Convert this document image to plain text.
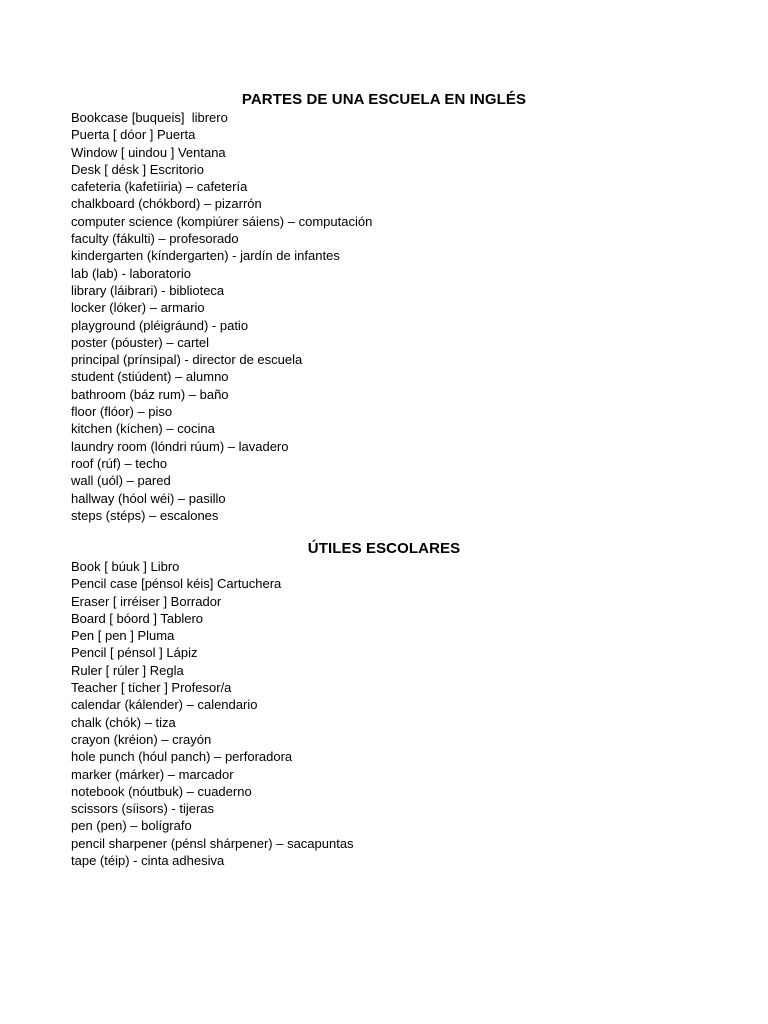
PARTES DE UNA ESCUELA EN INGLÉS
Bookcase [buqueis]  librero
Puerta [ dóor ] Puerta
Window [ uindou ] Ventana
Desk [ désk ] Escritorio
cafeteria (kafetíiria) – cafetería
chalkboard (chókbord) – pizarrón
computer science (kompiúrer sáiens) – computación
faculty (fákulti) – profesorado
kindergarten (kíndergarten) - jardín de infantes
lab (lab) - laboratorio
library (láibrari) - biblioteca
locker (lóker) – armario
playground (pléigráund) - patio
poster (póuster) – cartel
principal (prínsipal) - director de escuela
student (stiúdent) – alumno
bathroom (báz rum) – baño
floor (flóor) – piso
kitchen (kíchen) – cocina
laundry room (lóndri rúum) – lavadero
roof (rúf) – techo
wall (uól) – pared
hallway (hóol wéi) – pasillo
steps (stéps) – escalones
ÚTILES ESCOLARES
Book [ búuk ] Libro
Pencil case [pénsol kéis] Cartuchera
Eraser [ irréiser ] Borrador
Board [ bóord ] Tablero
Pen [ pen ] Pluma
Pencil [ pénsol ] Lápiz
Ruler [ rúler ] Regla
Teacher [ tícher ] Profesor/a
calendar (kálender) – calendario
chalk (chók) – tiza
crayon (kréion) – crayón
hole punch (hóul panch) – perforadora
marker (márker) – marcador
notebook (nóutbuk) – cuaderno
scissors (síisors) - tijeras
pen (pen) – bolígrafo
pencil sharpener (pénsl shárpener) – sacapuntas
tape (téip) - cinta adhesiva
